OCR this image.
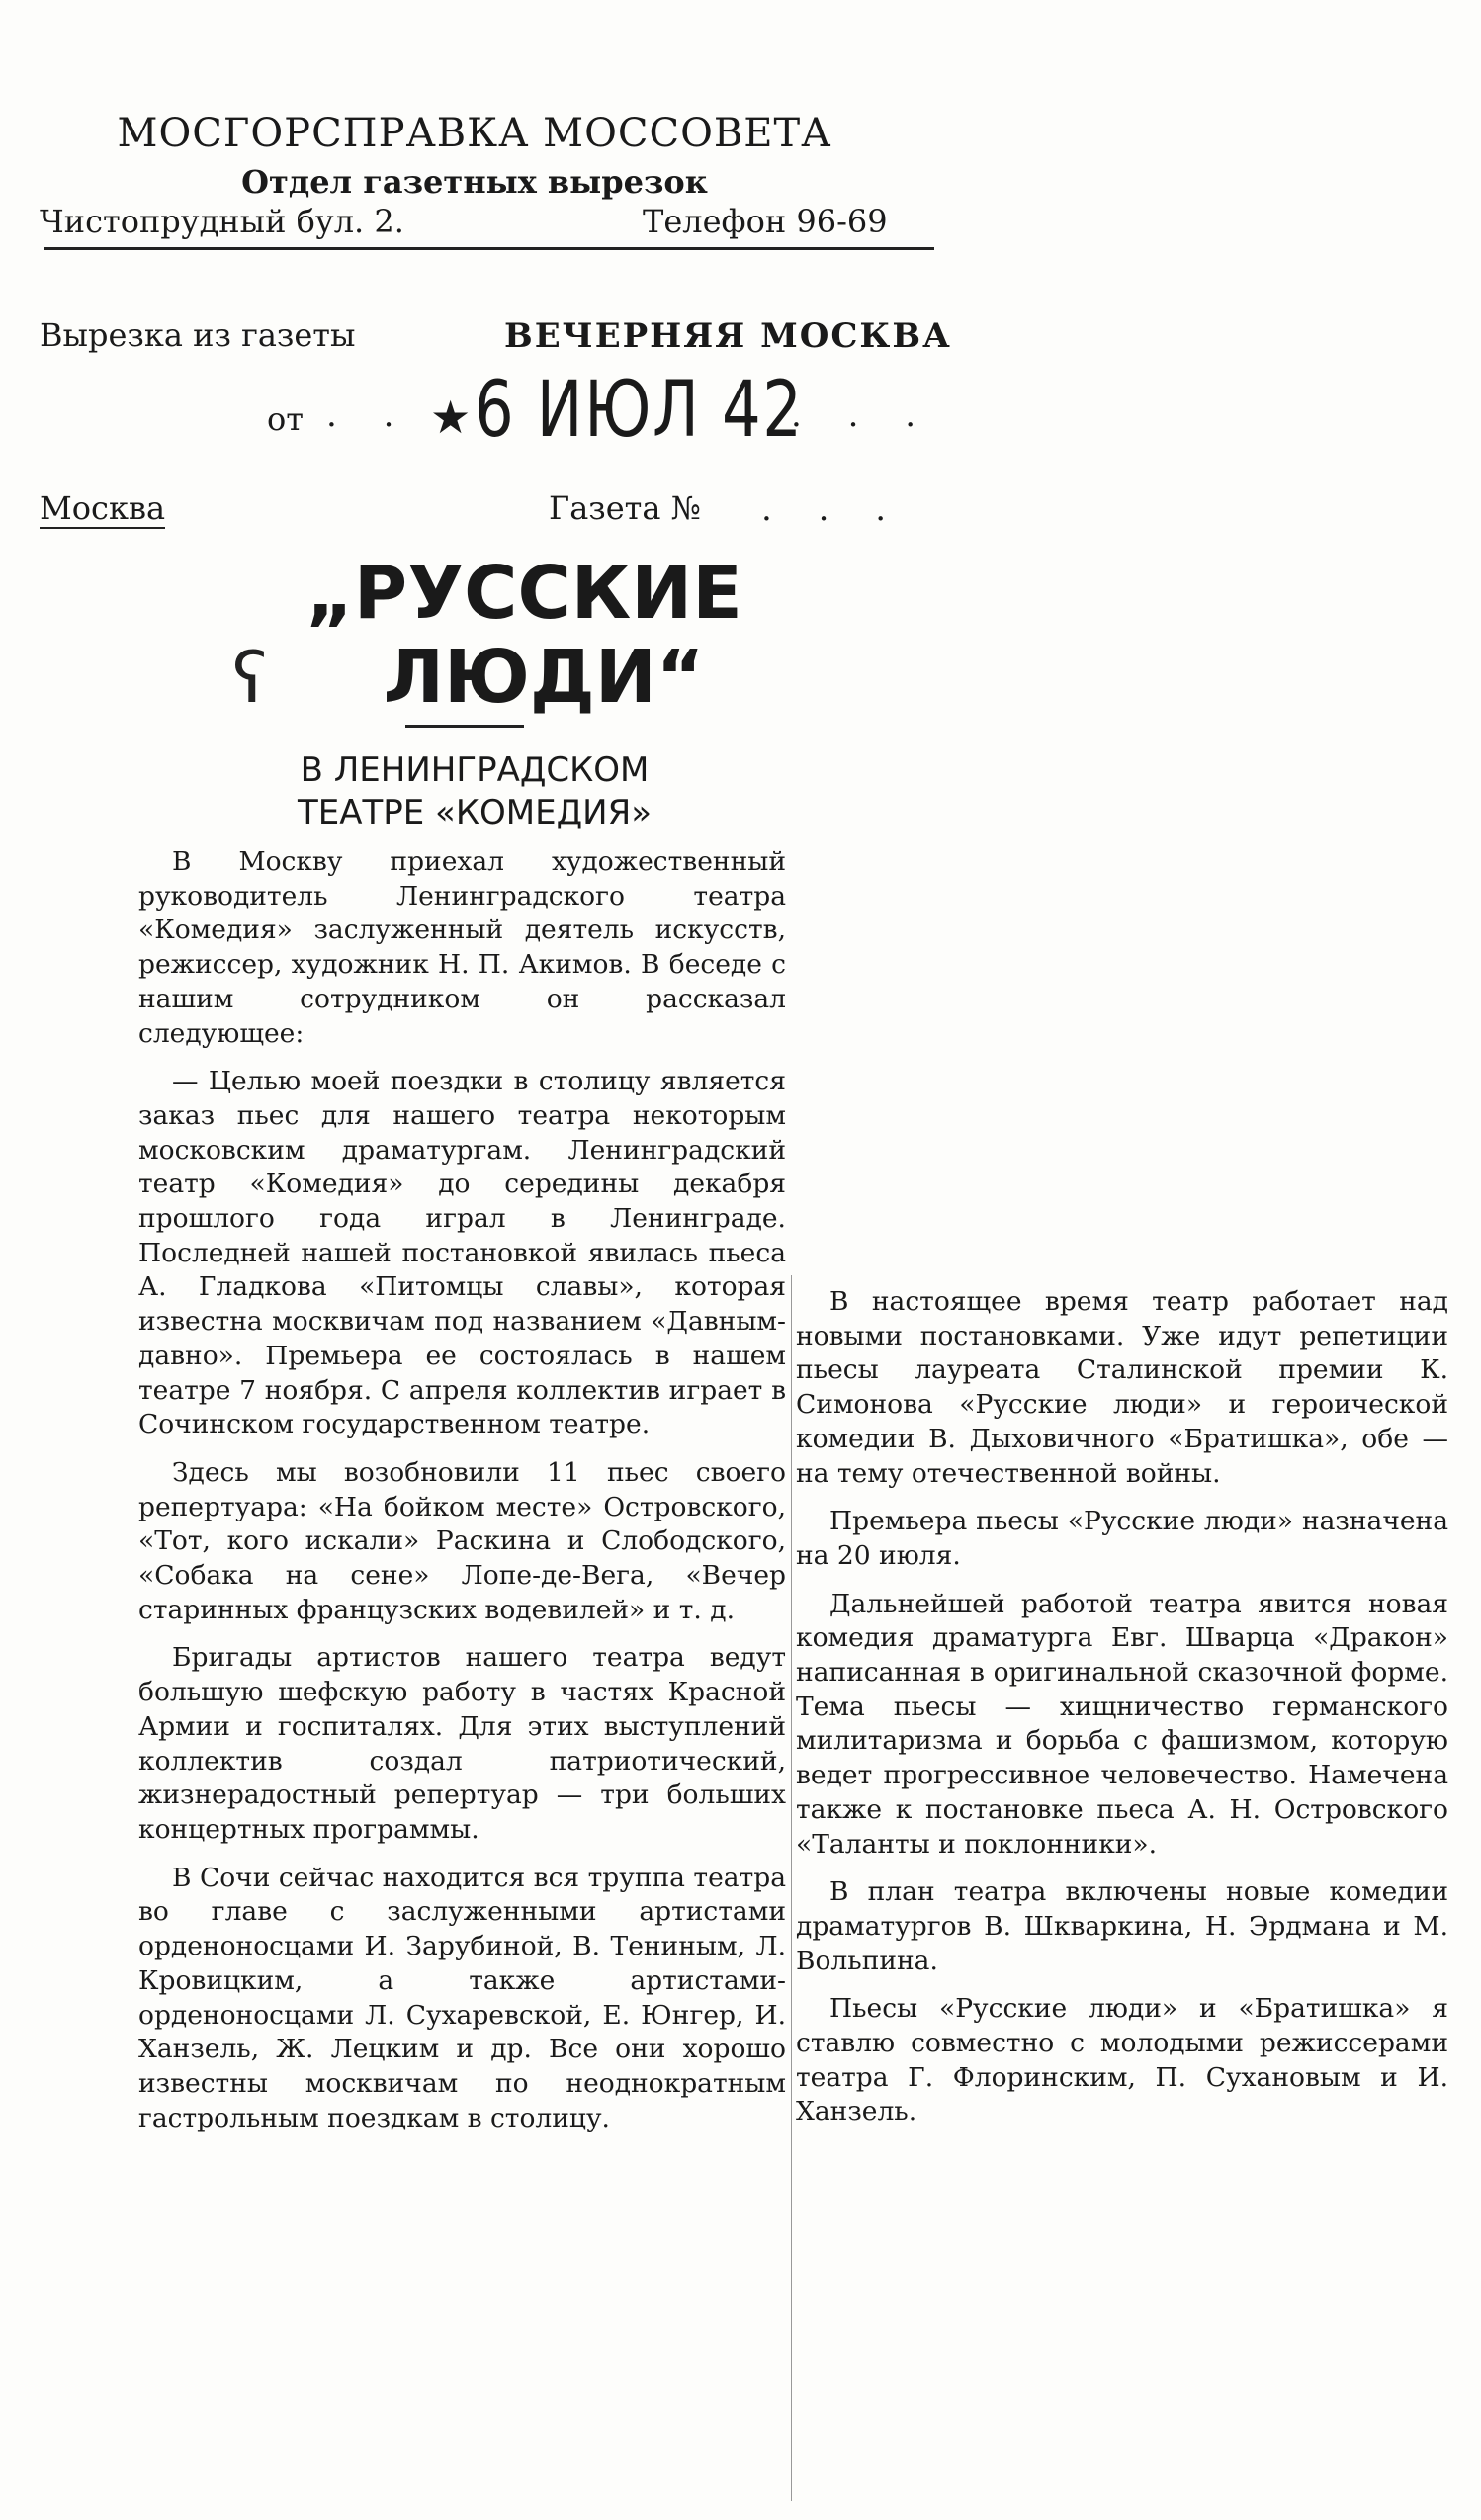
МОСГОРСПРАВКА МОССОВЕТА
Отдел газетных вырезок
Чистопрудный бул. 2.	Телефон 96-69
Вырезка из газеты	ВЕЧЕРНЯЯ МОСКВА
от . . ★ 6 ИЮЛ 42
. . .
Москва	Газета № . . .
„РУССКИЕ
ЛЮДИ“
ʕ
В ЛЕНИНГРАДСКОМ
ТЕАТРЕ «КОМЕДИЯ»

В Москву приехал художественный руководитель Ленинградского театра «Комедия» заслуженный деятель искусств, режиссер, художник Н. П. Акимов. В беседе с нашим сотрудником он рассказал следующее:

— Целью моей поездки в столицу является заказ пьес для нашего театра некоторым московским драматургам. Ленинградский театр «Комедия» до середины декабря прошлого года играл в Ленинграде. Последней нашей постановкой явилась пьеса А. Гладкова «Питомцы славы», которая известна москвичам под названием «Давным-давно». Премьера ее состоялась в нашем театре 7 ноября. С апреля коллектив играет в Сочинском государственном театре.

Здесь мы возобновили 11 пьес своего репертуара: «На бойком месте» Островского, «Тот, кого искали» Раскина и Слободского, «Собака на сене» Лопе-де-Вега, «Вечер старинных французских водевилей» и т. д.

Бригады артистов нашего театра ведут большую шефскую работу в частях Красной Армии и госпиталях. Для этих выступлений коллектив создал патриотический, жизнерадостный репертуар — три больших концертных программы.

В Сочи сейчас находится вся труппа театра во главе с заслуженными артистами орденоносцами И. Зарубиной, В. Тениным, Л. Кровицким, а также артистами-орденоносцами Л. Сухаревской, Е. Юнгер, И. Ханзель, Ж. Лецким и др. Все они хорошо известны москвичам по неоднократным гастрольным поездкам в столицу.

В настоящее время театр работает над новыми постановками. Уже идут репетиции пьесы лауреата Сталинской премии К. Симонова «Русские люди» и героической комедии В. Дыховичного «Братишка», обе — на тему отечественной войны.

Премьера пьесы «Русские люди» назначена на 20 июля.

Дальнейшей работой театра явится новая комедия драматурга Евг. Шварца «Дракон» написанная в оригинальной сказочной форме. Тема пьесы — хищничество германского милитаризма и борьба с фашизмом, которую ведет прогрессивное человечество. Намечена также к постановке пьеса А. Н. Островского «Таланты и поклонники».

В план театра включены новые комедии драматургов В. Шкваркина, Н. Эрдмана и М. Вольпина.

Пьесы «Русские люди» и «Братишка» я ставлю совместно с молодыми режиссерами театра Г. Флоринским, П. Сухановым и И. Ханзель.
